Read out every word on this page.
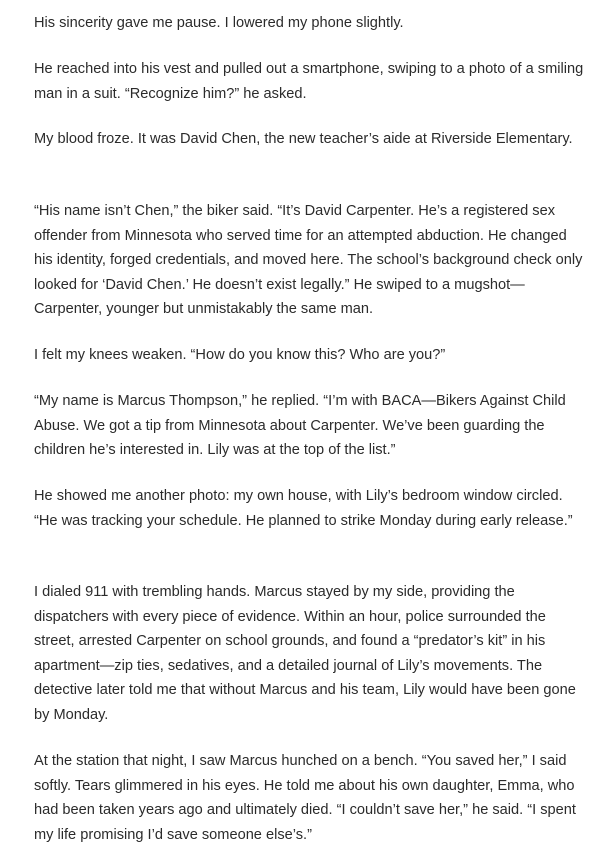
His sincerity gave me pause. I lowered my phone slightly.

He reached into his vest and pulled out a smartphone, swiping to a photo of a smiling man in a suit. “Recognize him?” he asked.

My blood froze. It was David Chen, the new teacher’s aide at Riverside Elementary.

“His name isn’t Chen,” the biker said. “It’s David Carpenter. He’s a registered sex offender from Minnesota who served time for an attempted abduction. He changed his identity, forged credentials, and moved here. The school’s background check only looked for ‘David Chen.’ He doesn’t exist legally.” He swiped to a mugshot—Carpenter, younger but unmistakably the same man.

I felt my knees weaken. “How do you know this? Who are you?”

“My name is Marcus Thompson,” he replied. “I’m with BACA—Bikers Against Child Abuse. We got a tip from Minnesota about Carpenter. We’ve been guarding the children he’s interested in. Lily was at the top of the list.”

He showed me another photo: my own house, with Lily’s bedroom window circled. “He was tracking your schedule. He planned to strike Monday during early release.”

I dialed 911 with trembling hands. Marcus stayed by my side, providing the dispatchers with every piece of evidence. Within an hour, police surrounded the street, arrested Carpenter on school grounds, and found a “predator’s kit” in his apartment—zip ties, sedatives, and a detailed journal of Lily’s movements. The detective later told me that without Marcus and his team, Lily would have been gone by Monday.

At the station that night, I saw Marcus hunched on a bench. “You saved her,” I said softly. Tears glimmered in his eyes. He told me about his own daughter, Emma, who had been taken years ago and ultimately died. “I couldn’t save her,” he said. “I spent my life promising I’d save someone else’s.”
